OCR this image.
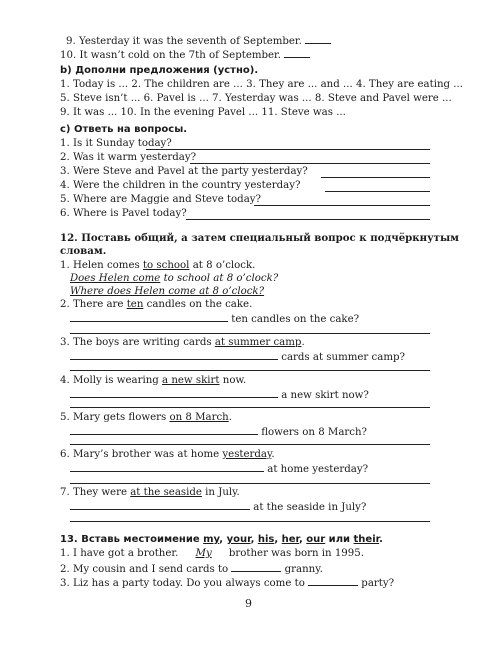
9. Yesterday it was the seventh of September.
10. It wasn’t cold on the 7th of September.
b) Дополни предложения (устно).
1. Today is ... 2. The children are ... 3. They are ... and ... 4. They are eating ...
5. Steve isn’t ... 6. Pavel is ... 7. Yesterday was ... 8. Steve and Pavel were ...
9. It was ... 10. In the evening Pavel ... 11. Steve was ...
c) Ответь на вопросы.
1. Is it Sunday today?
2. Was it warm yesterday?
3. Were Steve and Pavel at the party yesterday?
4. Were the children in the country yesterday?
5. Where are Maggie and Steve today?
6. Where is Pavel today?
12. Поставь общий, а затем специальный вопрос к подчёркнутым
словам.
1. Helen comes to school at 8 o’clock.
Does Helen come to school at 8 o’clock?
Where does Helen come at 8 o’clock?
2. There are ten candles on the cake.
ten candles on the cake?
3. The boys are writing cards at summer camp.
cards at summer camp?
4. Molly is wearing a new skirt now.
a new skirt now?
5. Mary gets flowers on 8 March.
flowers on 8 March?
6. Mary’s brother was at home yesterday.
at home yesterday?
7. They were at the seaside in July.
at the seaside in July?
13. Вставь местоимение my, your, his, her, our или their.
1. I have got a brother. My brother was born in 1995.
2. My cousin and I send cards to	granny.
3. Liz has a party today. Do you always come to	party?
9
